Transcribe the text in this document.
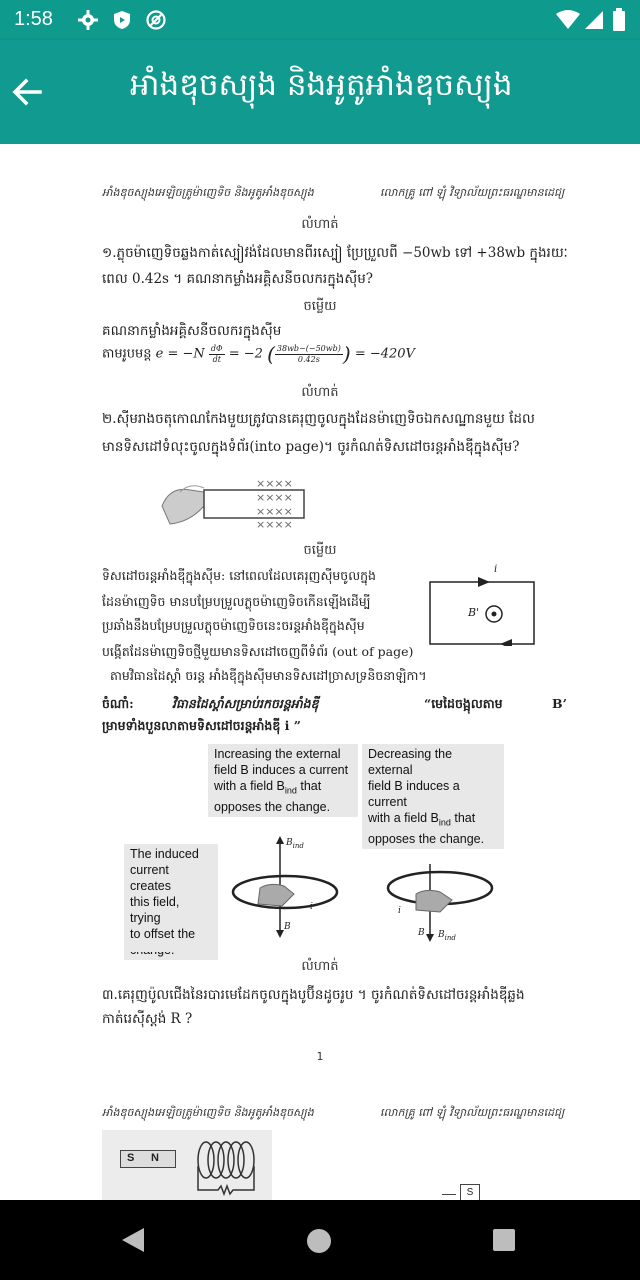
1:58
អាំងឌុចស្យុង និងអូតូអាំងឌុចស្យុង
អាំងឌុចស្យុងអេឡិចត្រូម៉ាញេទិច និងអូតូអាំងឌុចស្យុង	លោកគ្រូ ពៅ ឡុំ វិទ្យាល័យព្រះធរណ្ឌមានដេជ្យ
លំហាត់
១.ភ្លុចម៉ាញេទិចឆ្លងកាត់ស្បៀវង់ដែលមានពីរស្បៀ ប្រែប្រួលពី −50wb ទៅ +38wb ក្នុងរយៈ
ពេល 0.42s ។ គណនាកម្លាំងអគ្គិសនីចលករក្នុងស៊ីម?
ចម្លើយ
គណនាកម្លាំងអគ្គិសនីចលករក្នុងស៊ីម
តាមរូបមន្ត $e = -N \frac{d\Phi}{dt} = -2$ ( $\frac{38wb-(-50wb)}{0.42s}$ ) = −420V
លំហាត់
២.ស៊ីមរាងចតុកោណកែងមួយត្រូវបានគេរុញចូលក្នុងដែនម៉ាញេទិចឯកសណ្ឋានមួយ ដែល
មានទិសដៅទំលុះចូលក្នុងទំព័រ(into page)។ ចូរកំណត់ទិសដៅចរន្តអាំងឌុីក្នុងស៊ីម?
××××
××××
××××
××××
ចម្លើយ
ទិសដៅចរន្តអាំងឌុីក្នុងស៊ីម: នៅពេលដែលគេរុញស៊ីមចូលក្នុង
ដែនម៉ាញេទិច មានបម្រែបម្រួលភ្លុចម៉ាញេទិចកើនឡើងដើម្បី
ប្រឆាំងនឹងបម្រែបម្រួលភ្លុចម៉ាញេទិចនេះចរន្តអាំងឌុីក្នុងស៊ីម
បង្កើតដែនម៉ាញេទិចថ្មីមួយមានទិសដៅចេញពីទំព័រ (out of page)
តាមវិធានដៃស្តាំ ចរន្ត អាំងឌុីក្នុងស៊ីមមានទិសដៅច្រាសទ្រនិចនាឡិកា។
i
B'
ចំណាំ:	វិធានដៃស្តាំសម្រាប់រកចរន្តអាំងឌុី	“មេដៃចង្អុលតាម	B’
ម្រាមទាំងបួនលាតាមទិសដៅចរន្តអាំងឌុី i ”
Increasing the external
field B induces a current
with a field $B_{ind}$ that
opposes the change.
Decreasing the external
field B induces a current
with a field $B_{ind}$ that
opposes the change.
The induced
current creates
this field, trying
to offset the
$B_{ind}$
B
i
B $B_{ind}$
i
លំហាត់
៣.គេរុញប៉ូលជើងនៃរបារមេដែកចូលក្នុងបូប៊ីនដូចរូប ។ ចូរកំណត់ទិសដៅចរន្តអាំងឌុីឆ្លង
កាត់រេស៊ីស្តង់ R ?
1
អាំងឌុចស្យុងអេឡិចត្រូម៉ាញេទិច និងអូតូអាំងឌុចស្យុង	លោកគ្រូ ពៅ ឡុំ វិទ្យាល័យព្រះធរណ្ឌមានដេជ្យ
S N
S
